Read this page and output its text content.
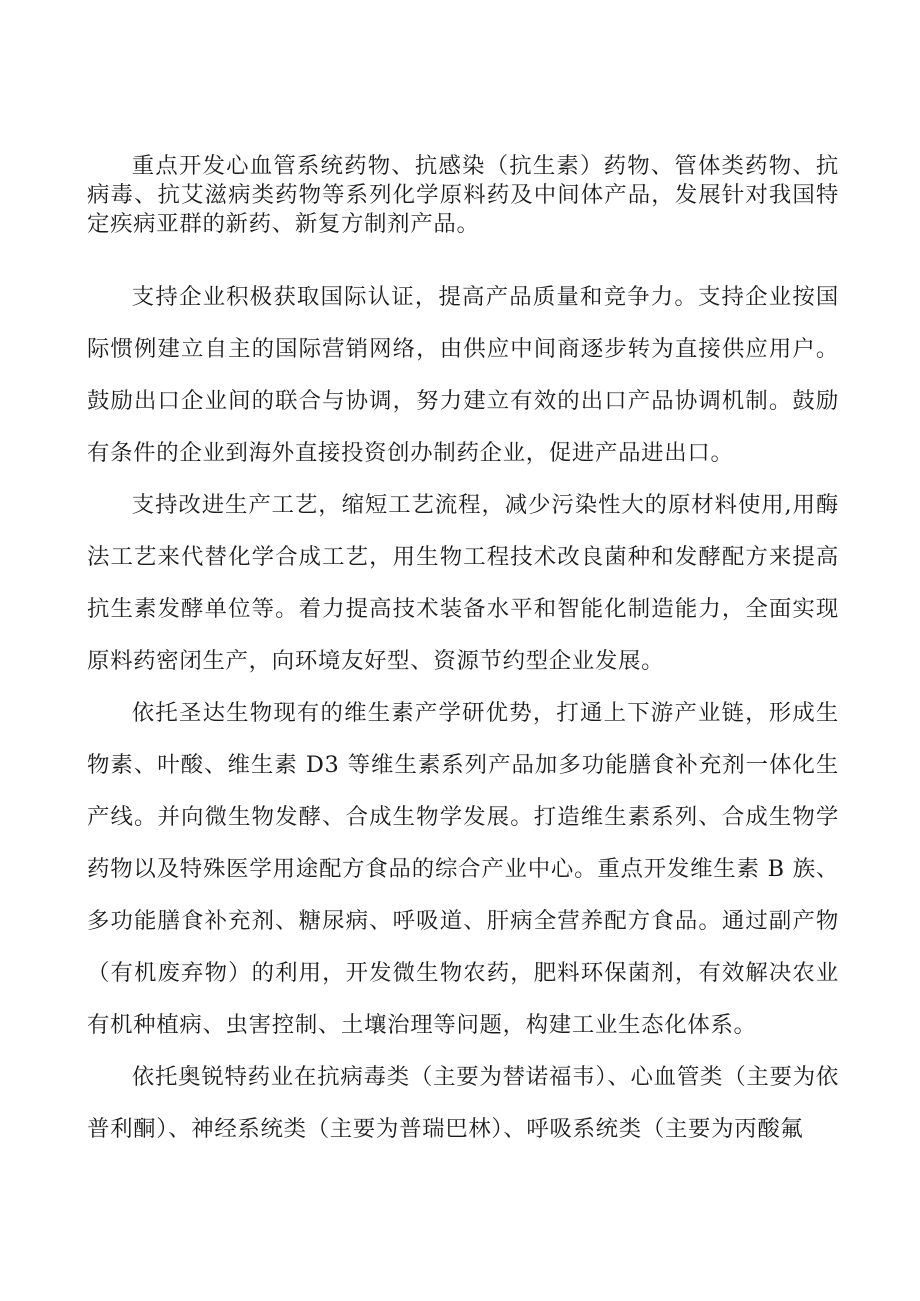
重点开发心血管系统药物、抗感染（抗生素）药物、管体类药物、抗病毒、抗艾滋病类药物等系列化学原料药及中间体产品，发展针对我国特定疾病亚群的新药、新复方制剂产品。

支持企业积极获取国际认证，提高产品质量和竞争力。支持企业按国际惯例建立自主的国际营销网络，由供应中间商逐步转为直接供应用户。鼓励出口企业间的联合与协调，努力建立有效的出口产品协调机制。鼓励有条件的企业到海外直接投资创办制药企业，促进产品进出口。

支持改进生产工艺，缩短工艺流程，减少污染性大的原材料使用,用酶法工艺来代替化学合成工艺，用生物工程技术改良菌种和发酵配方来提高抗生素发酵单位等。着力提高技术装备水平和智能化制造能力，全面实现原料药密闭生产，向环境友好型、资源节约型企业发展。

依托圣达生物现有的维生素产学研优势，打通上下游产业链，形成生物素、叶酸、维生素 D3 等维生素系列产品加多功能膳食补充剂一体化生产线。并向微生物发酵、合成生物学发展。打造维生素系列、合成生物学药物以及特殊医学用途配方食品的综合产业中心。重点开发维生素 B 族、多功能膳食补充剂、糖尿病、呼吸道、肝病全营养配方食品。通过副产物（有机废弃物）的利用，开发微生物农药，肥料环保菌剂，有效解决农业有机种植病、虫害控制、土壤治理等问题，构建工业生态化体系。

依托奥锐特药业在抗病毒类（主要为替诺福韦）、心血管类（主要为依普利酮）、神经系统类（主要为普瑞巴林）、呼吸系统类（主要为丙酸氟
